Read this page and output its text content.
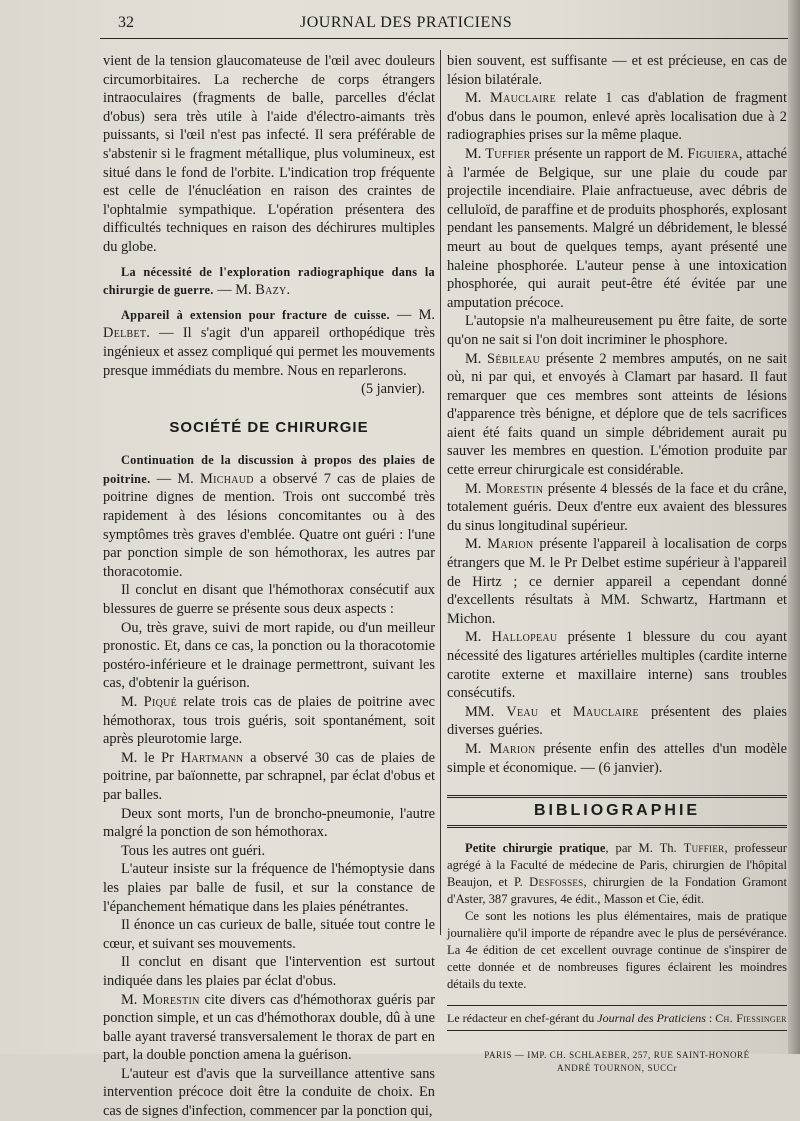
32	JOURNAL DES PRATICIENS

vient de la tension glaucomateuse de l'œil avec douleurs circumorbitaires. La recherche de corps étrangers intraoculaires (fragments de balle, parcelles d'éclat d'obus) sera très utile à l'aide d'électro-aimants très puissants, si l'œil n'est pas infecté. Il sera préférable de s'abstenir si le fragment métallique, plus volumineux, est situé dans le fond de l'orbite. L'indication trop fréquente est celle de l'énucléation en raison des craintes de l'ophtalmie sympathique. L'opération présentera des difficultés techniques en raison des déchirures multiples du globe.

La nécessité de l'exploration radiographique dans la chirurgie de guerre. — M. Bazy.

Appareil à extension pour fracture de cuisse. — M. Delbet. — Il s'agit d'un appareil orthopédique très ingénieux et assez compliqué qui permet les mouvements presque immédiats du membre. Nous en reparlerons.

(5 janvier).
SOCIÉTÉ DE CHIRURGIE

Continuation de la discussion à propos des plaies de poitrine. — M. Michaud a observé 7 cas de plaies de poitrine dignes de mention. Trois ont succombé très rapidement à des lésions concomitantes ou à des symptômes très graves d'emblée. Quatre ont guéri : l'une par ponction simple de son hémothorax, les autres par thoracotomie.

Il conclut en disant que l'hémothorax consécutif aux blessures de guerre se présente sous deux aspects :

Ou, très grave, suivi de mort rapide, ou d'un meilleur pronostic. Et, dans ce cas, la ponction ou la thoracotomie postéro-inférieure et le drainage permettront, suivant les cas, d'obtenir la guérison.

M. Piqué relate trois cas de plaies de poitrine avec hémothorax, tous trois guéris, soit spontanément, soit après pleurotomie large.

M. le Pr Hartmann a observé 30 cas de plaies de poitrine, par baïonnette, par schrapnel, par éclat d'obus et par balles.

Deux sont morts, l'un de broncho-pneumonie, l'autre malgré la ponction de son hémothorax.

Tous les autres ont guéri.

L'auteur insiste sur la fréquence de l'hémoptysie dans les plaies par balle de fusil, et sur la constance de l'épanchement hématique dans les plaies pénétrantes.

Il énonce un cas curieux de balle, située tout contre le cœur, et suivant ses mouvements.

Il conclut en disant que l'intervention est surtout indiquée dans les plaies par éclat d'obus.

M. Morestin cite divers cas d'hémothorax guéris par ponction simple, et un cas d'hémothorax double, dû à une balle ayant traversé transversalement le thorax de part en part, la double ponction amena la guérison.

L'auteur est d'avis que la surveillance attentive sans intervention précoce doit être la conduite de choix. En cas de signes d'infection, commencer par la ponction qui,

bien souvent, est suffisante — et est précieuse, en cas de lésion bilatérale.

M. Mauclaire relate 1 cas d'ablation de fragment d'obus dans le poumon, enlevé après localisation due à 2 radiographies prises sur la même plaque.

M. Tuffier présente un rapport de M. Figuiera, attaché à l'armée de Belgique, sur une plaie du coude par projectile incendiaire. Plaie anfractueuse, avec débris de celluloïd, de paraffine et de produits phosphorés, explosant pendant les pansements. Malgré un débridement, le blessé meurt au bout de quelques temps, ayant présenté une haleine phosphorée. L'auteur pense à une intoxication phosphorée, qui aurait peut-être été évitée par une amputation précoce.

L'autopsie n'a malheureusement pu être faite, de sorte qu'on ne sait si l'on doit incriminer le phosphore.

M. Sébileau présente 2 membres amputés, on ne sait où, ni par qui, et envoyés à Clamart par hasard. Il faut remarquer que ces membres sont atteints de lésions d'apparence très bénigne, et déplore que de tels sacrifices aient été faits quand un simple débridement aurait pu sauver les membres en question. L'émotion produite par cette erreur chirurgicale est considérable.

M. Morestin présente 4 blessés de la face et du crâne, totalement guéris. Deux d'entre eux avaient des blessures du sinus longitudinal supérieur.

M. Marion présente l'appareil à localisation de corps étrangers que M. le Pr Delbet estime supérieur à l'appareil de Hirtz ; ce dernier appareil a cependant donné d'excellents résultats à MM. Schwartz, Hartmann et Michon.

M. Hallopeau présente 1 blessure du cou ayant nécessité des ligatures artérielles multiples (cardite interne carotite externe et maxillaire interne) sans troubles consécutifs.

MM. Veau et Mauclaire présentent des plaies diverses guéries.

M. Marion présente enfin des attelles d'un modèle simple et économique. — (6 janvier).

BIBLIOGRAPHIE

Petite chirurgie pratique, par M. Th. Tuffier, professeur agrégé à la Faculté de médecine de Paris, chirurgien de l'hôpital Beaujon, et P. Desfosses, chirurgien de la Fondation Gramont d'Aster, 387 gravures, 4e édit., Masson et Cie, édit.

Ce sont les notions les plus élémentaires, mais de pratique journalière qu'il importe de répandre avec le plus de persévérance. La 4e édition de cet excellent ouvrage continue de s'inspirer de cette donnée et de nombreuses figures éclairent les moindres détails du texte.

Le rédacteur en chef-gérant du Journal des Praticiens : Ch. Fiessinger

PARIS — IMP. CH. SCHLAEBER, 257, RUE SAINT-HONORÉ
ANDRÉ TOURNON, SUCCr
